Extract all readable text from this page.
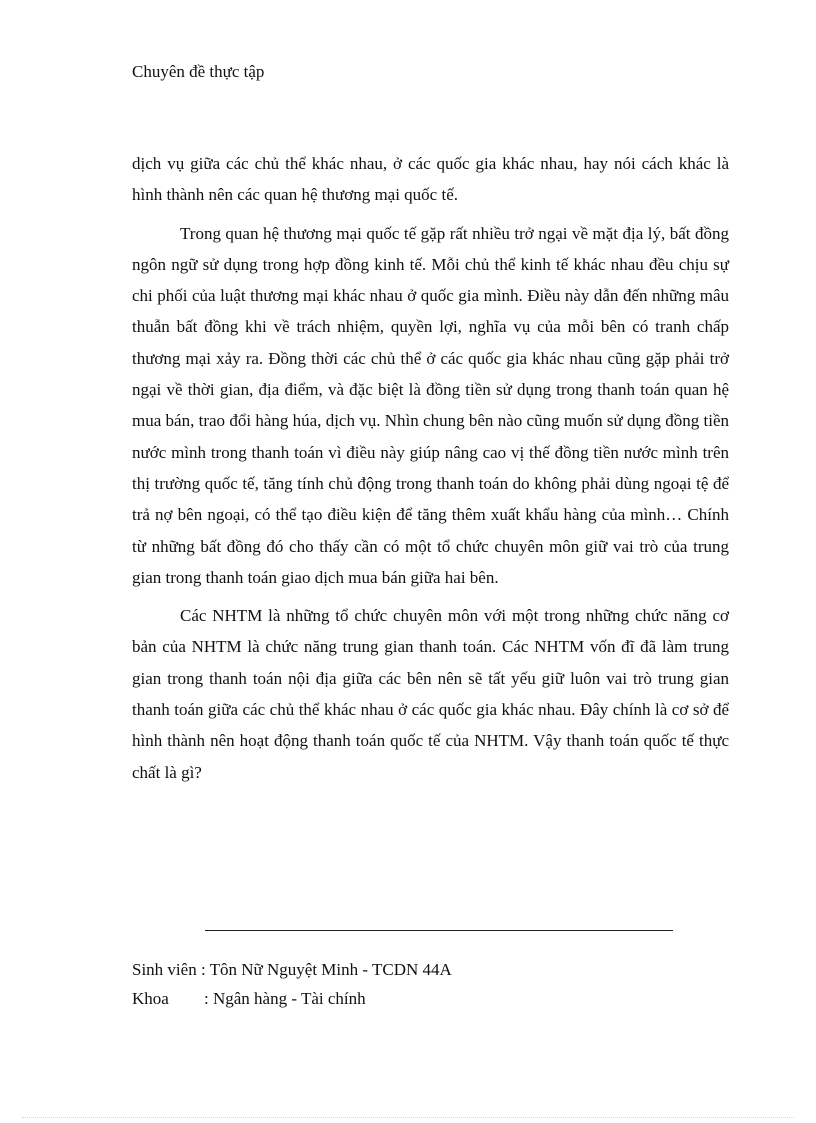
Chuyên đề thực tập

dịch vụ giữa các chủ thể khác nhau, ở các quốc gia khác nhau, hay nói cách khác là hình thành nên các quan hệ thương mại quốc tế.

Trong quan hệ thương mại quốc tế gặp rất nhiều trở ngại về mặt địa lý, bất đồng ngôn ngữ sử dụng trong hợp đồng kinh tế. Mỗi chủ thể kinh tế khác nhau đều chịu sự chi phối của luật thương mại khác nhau ở quốc gia mình. Điều này dẫn đến những mâu thuẫn bất đồng khi về trách nhiệm, quyền lợi, nghĩa vụ của mỗi bên có tranh chấp thương mại xảy ra. Đồng thời các chủ thể ở các quốc gia khác nhau cũng gặp phải trở ngại về thời gian, địa điểm, và đặc biệt là đồng tiền sử dụng trong thanh toán quan hệ mua bán, trao đổi hàng húa, dịch vụ. Nhìn chung bên nào cũng muốn sử dụng đồng tiền nước mình trong thanh toán vì điều này giúp nâng cao vị thế đồng tiền nước mình trên thị trường quốc tế, tăng tính chủ động trong thanh toán do không phải dùng ngoại tệ để trả nợ bên ngoại, có thể tạo điều kiện để tăng thêm xuất khẩu hàng của mình… Chính từ những bất đồng đó cho thấy cần có một tổ chức chuyên môn giữ vai trò của trung gian trong thanh toán giao dịch mua bán giữa hai bên.

Các NHTM là những tổ chức chuyên môn với một trong những chức năng cơ bản của NHTM là chức năng trung gian thanh toán. Các NHTM vốn đĩ đã làm trung gian trong thanh toán nội địa giữa các bên nên sẽ tất yếu giữ luôn vai trò trung gian thanh toán giữa các chủ thể khác nhau ở các quốc gia khác nhau. Đây chính là cơ sở để hình thành nên hoạt động thanh toán quốc tế của NHTM. Vậy thanh toán quốc tế thực chất là gì?

Sinh viên
: Tôn Nữ Nguyệt Minh - TCDN 44A
Khoa	: Ngân hàng - Tài chính
